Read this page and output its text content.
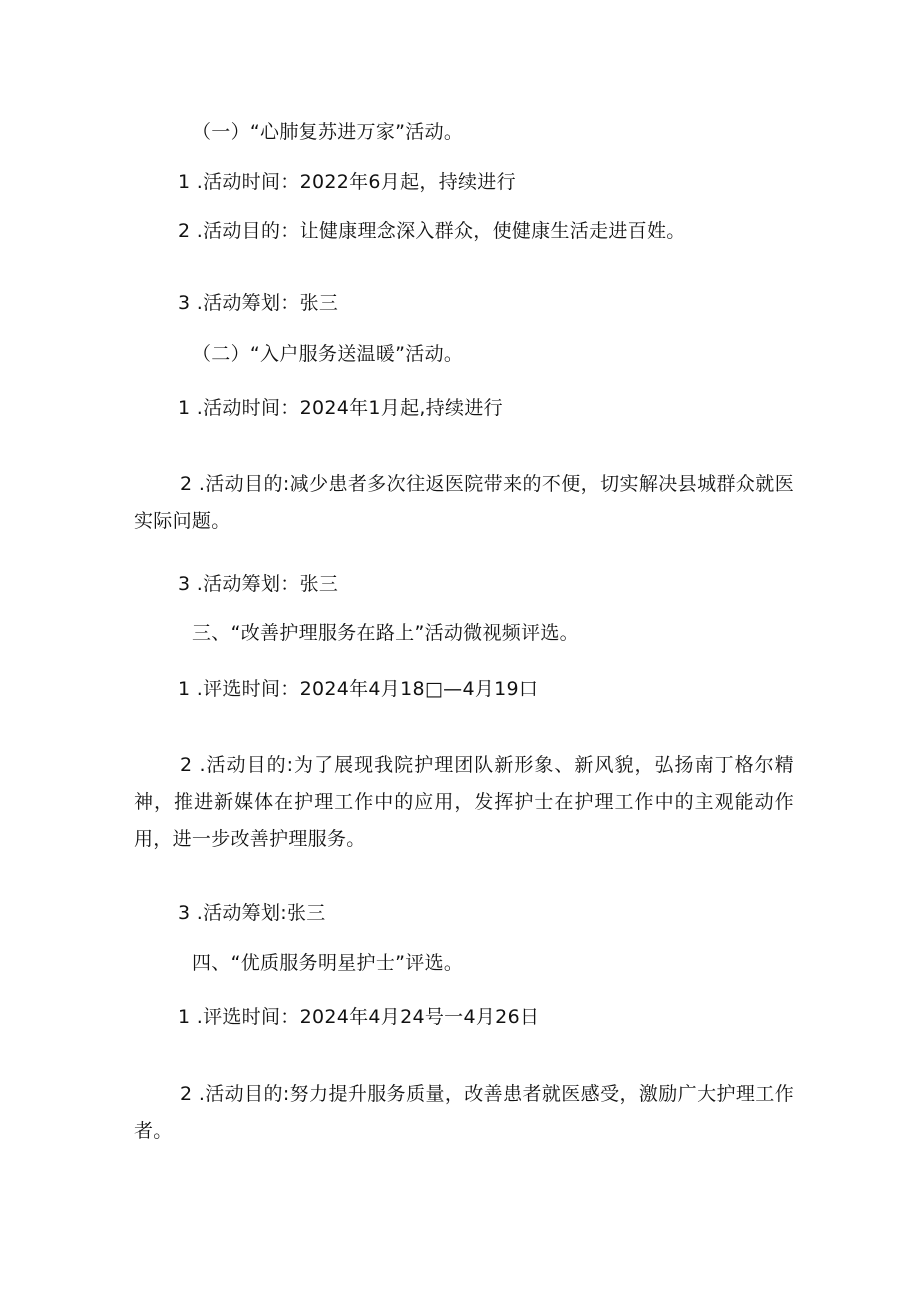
（一）“心肺复苏进万家”活动。
1 .活动时间：2022年6月起，持续进行
2 .活动目的：让健康理念深入群众，使健康生活走进百姓。
3 .活动筹划：张三
（二）“入户服务送温暖”活动。
1 .活动时间：2024年1月起,持续进行
2 .活动目的:减少患者多次往返医院带来的不便，切实解决县城群众就医实际问题。
3 .活动筹划：张三
三、“改善护理服务在路上”活动微视频评选。
1 .评选时间：2024年4月18□—4月19口
2 .活动目的:为了展现我院护理团队新形象、新风貌，弘扬南丁格尔精神，推进新媒体在护理工作中的应用，发挥护士在护理工作中的主观能动作用，进一步改善护理服务。
3 .活动筹划:张三
四、“优质服务明星护士”评选。
1 .评选时间：2024年4月24号一4月26日
2 .活动目的:努力提升服务质量，改善患者就医感受，激励广大护理工作者。
